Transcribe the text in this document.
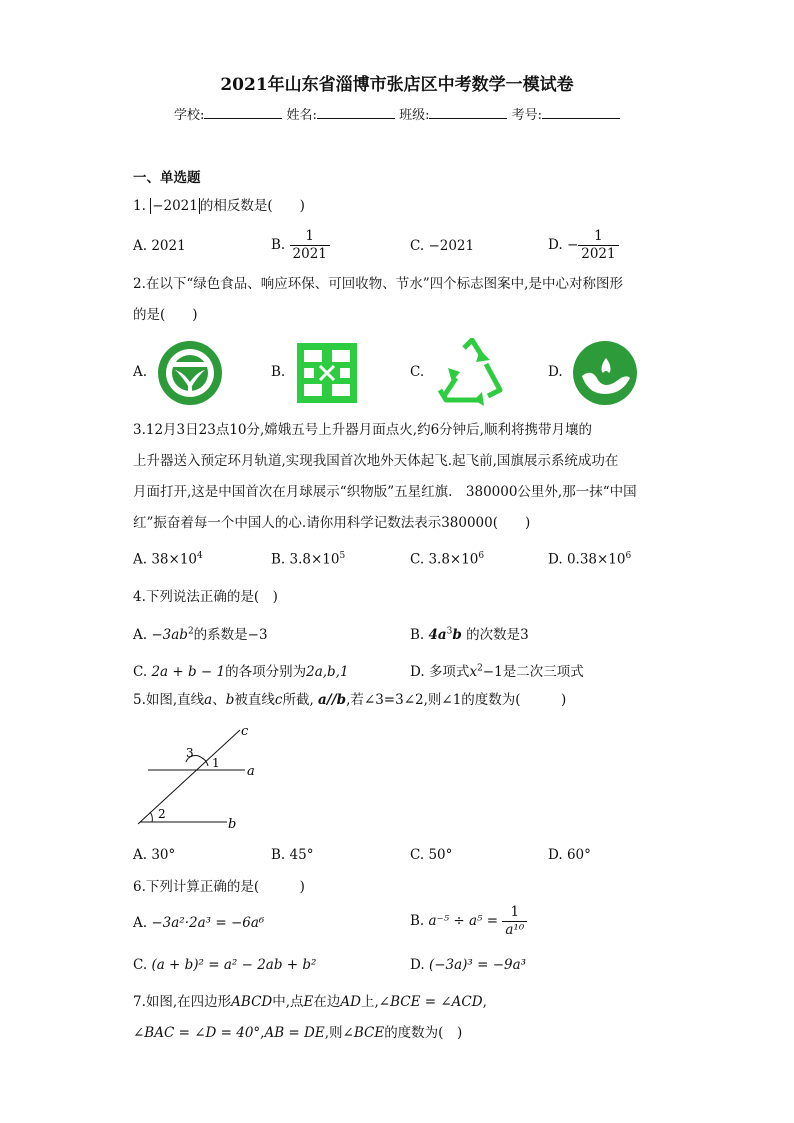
2021年山东省淄博市张店区中考数学一模试卷
学校:	姓名:	班级:	考号:
一、单选题
1. −2021 的相反数是(　　)
A. 2021	B. $\frac{1}{2021}$	C. −2021	D. − $\frac{1}{2021}$
2.在以下“绿色食品、响应环保、可回收物、节水”四个标志图案中,是中心对称图形
的是(　　)
A.	B.	C.	D.
3.12月3日23点10分,嫦娥五号上升器月面点火,约6分钟后,顺利将携带月壤的
上升器送入预定环月轨道,实现我国首次地外天体起飞.起飞前,国旗展示系统成功在
月面打开,这是中国首次在月球展示“织物版”五星红旗.　380000公里外,那一抹“中国
红”振奋着每一个中国人的心.请你用科学记数法表示380000(　　)
A. $38\times 10^4$	B. $3.8\times 10^5$	C. $3.8\times 10^6$	D. $0.38\times 10^6$
4.下列说法正确的是(　)
A. $-3ab^2$的系数是−3	B. $4a^3b$ 的次数是3
C. 2a + b − 1的各项分别为2a,b,1	D. 多项式$x^2-1$是二次三项式
5.如图,直线a、b被直线c所截, a//b,若∠3=3∠2,则∠1的度数为(　　　)
c
a
b
1
2
3
A. 30°	B. 45°	C. 50°	D. 60°
6.下列计算正确的是(　　　)
A. −3a²·2a³ = −6a⁶	B. $a^{-5} \div a^5 = \frac{1}{\text{a¹⁰}}$
C. (a + b)² = a² − 2ab + b²	D. (−3a)³ = −9a³
7.如图,在四边形ABCD中,点E在边AD上,∠BCE = ∠ACD,
∠BAC = ∠D = 40°,AB = DE,则∠BCE的度数为(　)
